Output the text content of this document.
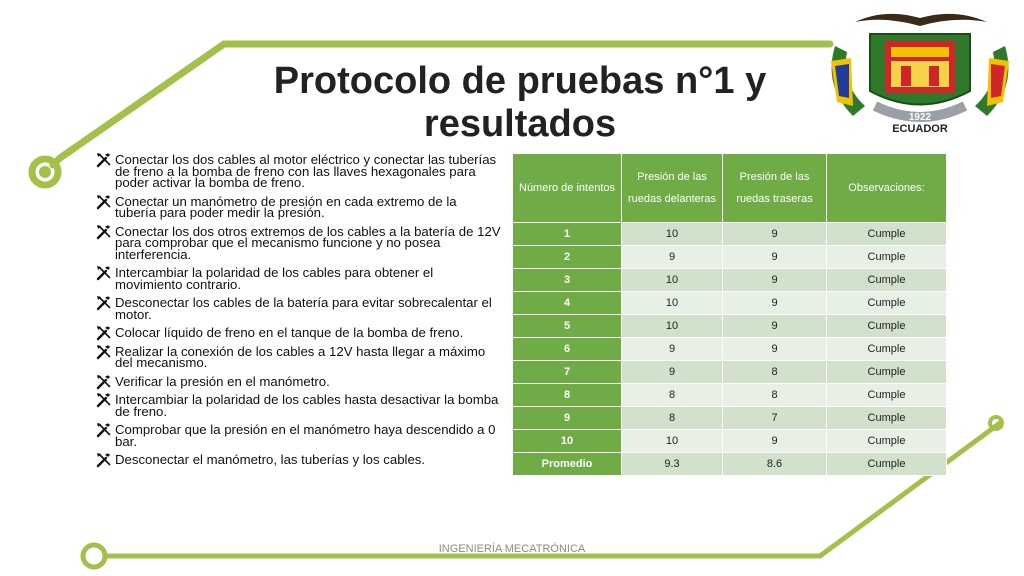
Protocolo de pruebas n°1 y resultados	1922
ECUADOR
Conectar los dos cables al motor eléctrico y conectar las tuberías de freno a la bomba de freno con las llaves hexagonales para poder activar la bomba de freno.
Conectar un manómetro de presión en cada extremo de la tubería para poder medir la presión.
Conectar los dos otros extremos de los cables a la batería de 12V para comprobar que el mecanismo funcione y no posea interferencia.
Intercambiar la polaridad de los cables para obtener el movimiento contrario.
Desconectar los cables de la batería para evitar sobrecalentar el motor.
Colocar líquido de freno en el tanque de la bomba de freno.
Realizar la conexión de los cables a 12V hasta llegar a máximo del mecanismo.
Verificar la presión en el manómetro.
Intercambiar la polaridad de los cables hasta desactivar la bomba de freno.
Comprobar que la presión en el manómetro haya descendido a 0 bar.
Desconectar el manómetro, las tuberías y los cables.
Número de intentos	Presión de las ruedas delanteras	Presión de las ruedas traseras	Observaciones:
1	10	9	Cumple
2	9	9	Cumple
3	10	9	Cumple
4	10	9	Cumple
5	10	9	Cumple
6	9	9	Cumple
7	9	8	Cumple
8	8	8	Cumple
9	8	7	Cumple
10	10	9	Cumple
Promedio	9.3	8.6	Cumple
INGENIERÍA MECATRÓNICA
